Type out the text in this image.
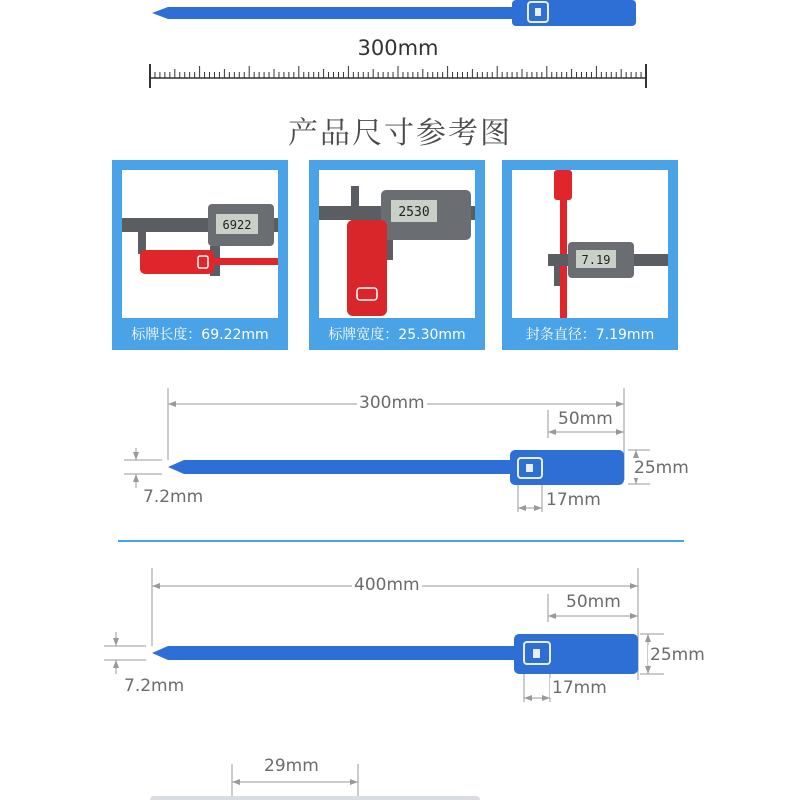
300mm
产品尺寸参考图
6922
标牌长度：69.22mm
2530
标牌宽度：25.30mm
7.19
封条直径：7.19mm
300mm
50mm
25mm
7.2mm	17mm
400mm
50mm
25mm
7.2mm	17mm
29mm
